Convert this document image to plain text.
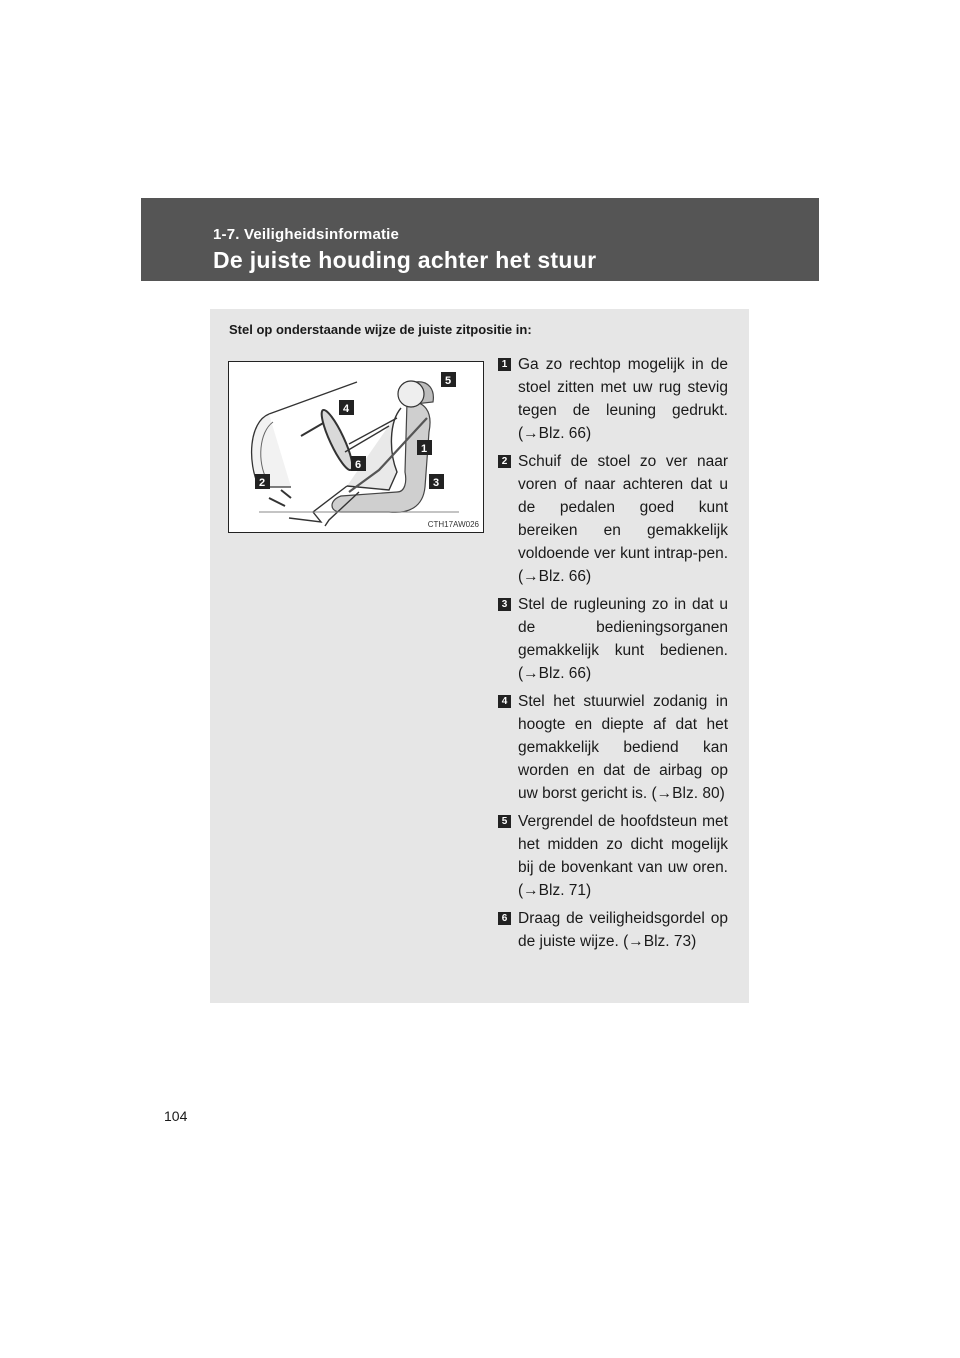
1-7. Veiligheidsinformatie
De juiste houding achter het stuur
Stel op onderstaande wijze de juiste zitpositie in:
1
2	3
4
5
6
CTH17AW026
1 Ga zo rechtop mogelijk in de stoel zitten met uw rug stevig tegen de leuning gedrukt. (→Blz. 66)
2 Schuif de stoel zo ver naar voren of naar achteren dat u de pedalen goed kunt bereiken en gemakkelijk voldoende ver kunt intrap-pen. (→Blz. 66)
3 Stel de rugleuning zo in dat u de bedieningsorganen gemakkelijk kunt bedienen. (→Blz. 66)
4 Stel het stuurwiel zodanig in hoogte en diepte af dat het gemakkelijk bediend kan worden en dat de airbag op uw borst gericht is. (→Blz. 80)
5 Vergrendel de hoofdsteun met het midden zo dicht mogelijk bij de bovenkant van uw oren. (→Blz. 71)
6 Draag de veiligheidsgordel op de juiste wijze. (→Blz. 73)
104
